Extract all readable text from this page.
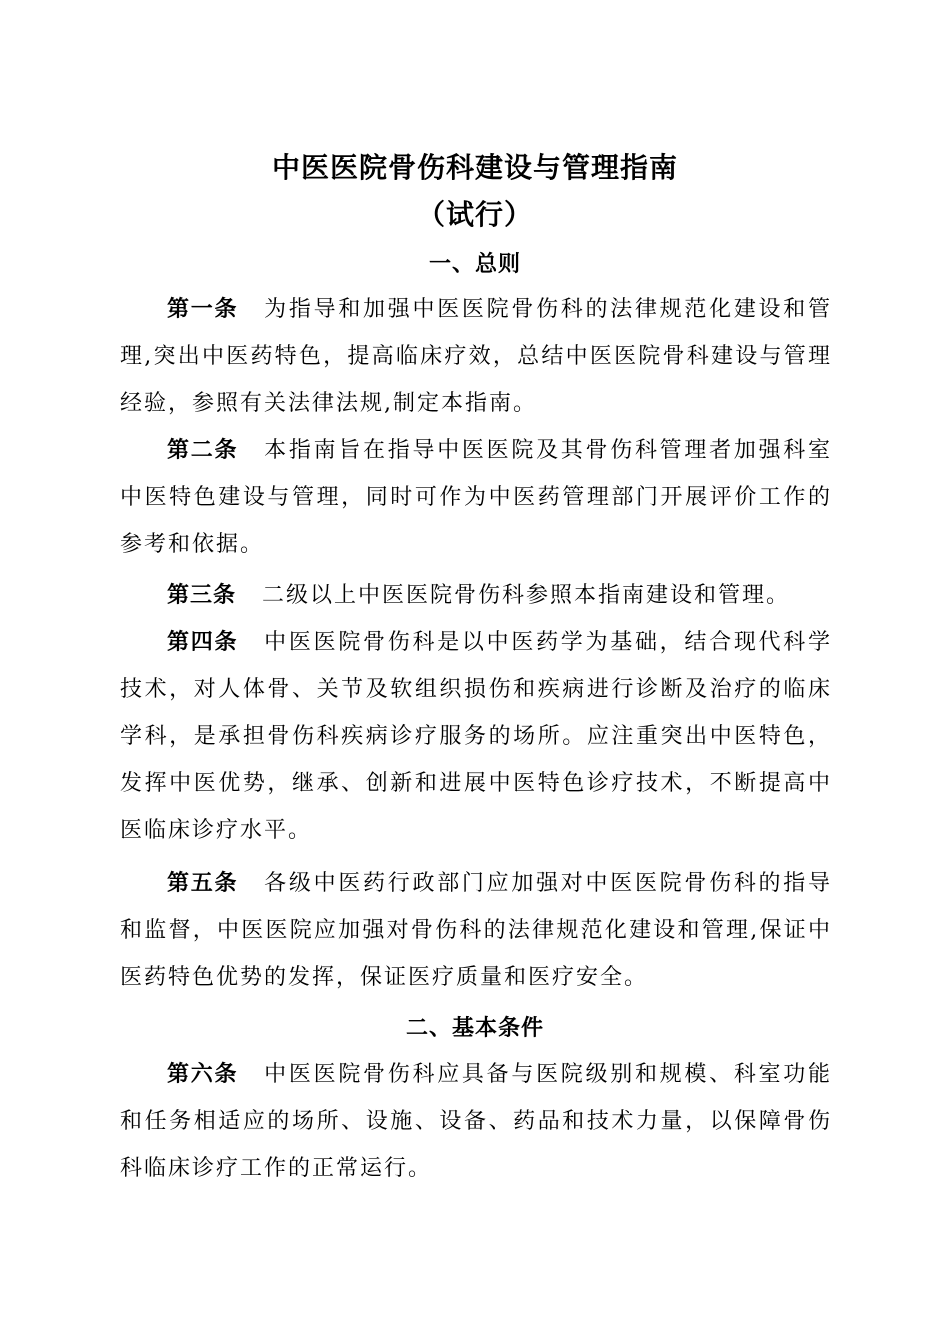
中医医院骨伤科建设与管理指南
（试行）
一、总则

第一条 为指导和加强中医医院骨伤科的法律规范化建设和管理,突出中医药特色，提高临床疗效，总结中医医院骨科建设与管理经验，参照有关法律法规,制定本指南。

第二条 本指南旨在指导中医医院及其骨伤科管理者加强科室中医特色建设与管理，同时可作为中医药管理部门开展评价工作的参考和依据。

第三条 二级以上中医医院骨伤科参照本指南建设和管理。

第四条 中医医院骨伤科是以中医药学为基础，结合现代科学技术，对人体骨、关节及软组织损伤和疾病进行诊断及治疗的临床学科，是承担骨伤科疾病诊疗服务的场所。应注重突出中医特色，发挥中医优势，继承、创新和进展中医特色诊疗技术，不断提高中医临床诊疗水平。

第五条 各级中医药行政部门应加强对中医医院骨伤科的指导和监督，中医医院应加强对骨伤科的法律规范化建设和管理,保证中医药特色优势的发挥，保证医疗质量和医疗安全。

二、基本条件

第六条 中医医院骨伤科应具备与医院级别和规模、科室功能和任务相适应的场所、设施、设备、药品和技术力量，以保障骨伤科临床诊疗工作的正常运行。
